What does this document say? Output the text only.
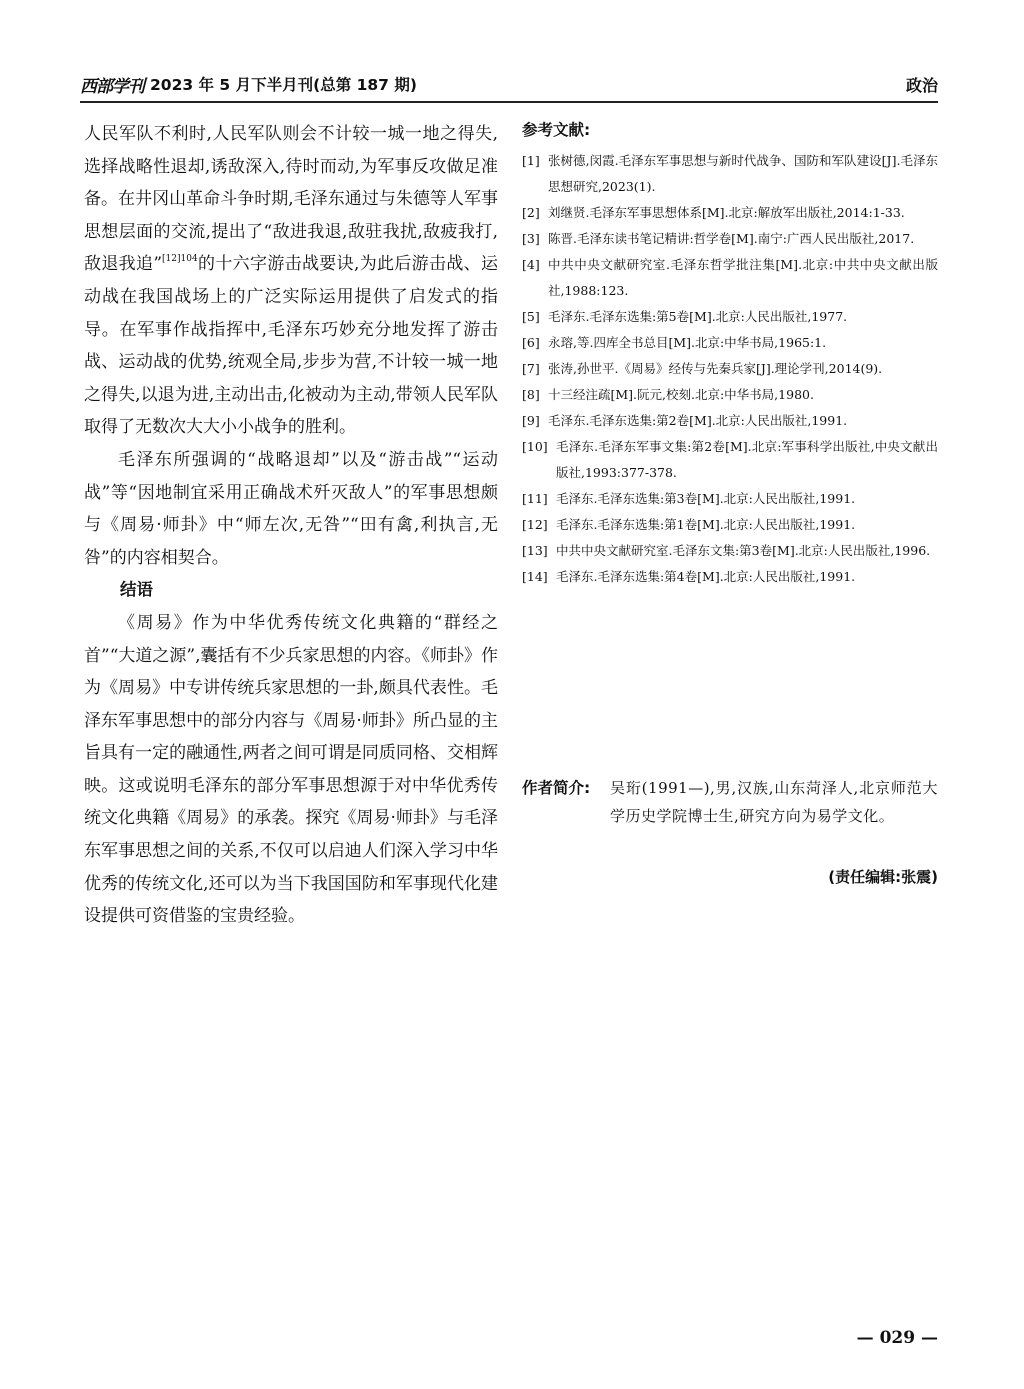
西部学刊 2023 年 5 月下半月刊(总第 187 期)	政治

人民军队不利时,人民军队则会不计较一城一地之得失,选择战略性退却,诱敌深入,待时而动,为军事反攻做足准备。在井冈山革命斗争时期,毛泽东通过与朱德等人军事思想层面的交流,提出了“敌进我退,敌驻我扰,敌疲我打,敌退我追”$^{[12]104}$的十六字游击战要诀,为此后游击战、运动战在我国战场上的广泛实际运用提供了启发式的指导。在军事作战指挥中,毛泽东巧妙充分地发挥了游击战、运动战的优势,统观全局,步步为营,不计较一城一地之得失,以退为进,主动出击,化被动为主动,带领人民军队取得了无数次大大小小战争的胜利。

毛泽东所强调的“战略退却”以及“游击战”“运动战”等“因地制宜采用正确战术歼灭敌人”的军事思想颇与《周易·师卦》中“师左次,无咎”“田有禽,利执言,无咎”的内容相契合。

结语

《周易》作为中华优秀传统文化典籍的“群经之首”“大道之源”,囊括有不少兵家思想的内容。《师卦》作为《周易》中专讲传统兵家思想的一卦,颇具代表性。毛泽东军事思想中的部分内容与《周易·师卦》所凸显的主旨具有一定的融通性,两者之间可谓是同质同格、交相辉映。这或说明毛泽东的部分军事思想源于对中华优秀传统文化典籍《周易》的承袭。探究《周易·师卦》与毛泽东军事思想之间的关系,不仅可以启迪人们深入学习中华优秀的传统文化,还可以为当下我国国防和军事现代化建设提供可资借鉴的宝贵经验。

参考文献:

[1] 张树德,闵霞.毛泽东军事思想与新时代战争、国防和军队建设[J].毛泽东思想研究,2023(1).

[2] 刘继贤.毛泽东军事思想体系[M].北京:解放军出版社,2014:1-33.

[3] 陈晋.毛泽东读书笔记精讲:哲学卷[M].南宁:广西人民出版社,2017.

[4] 中共中央文献研究室.毛泽东哲学批注集[M].北京:中共中央文献出版社,1988:123.

[5] 毛泽东.毛泽东选集:第5卷[M].北京:人民出版社,1977.

[6] 永瑢,等.四库全书总目[M].北京:中华书局,1965:1.

[7] 张涛,孙世平.《周易》经传与先秦兵家[J].理论学刊,2014(9).

[8] 十三经注疏[M].阮元,校刻.北京:中华书局,1980.

[9] 毛泽东.毛泽东选集:第2卷[M].北京:人民出版社,1991.

[10] 毛泽东.毛泽东军事文集:第2卷[M].北京:军事科学出版社,中央文献出版社,1993:377-378.

[11] 毛泽东.毛泽东选集:第3卷[M].北京:人民出版社,1991.

[12] 毛泽东.毛泽东选集:第1卷[M].北京:人民出版社,1991.

[13] 中共中央文献研究室.毛泽东文集:第3卷[M].北京:人民出版社,1996.

[14] 毛泽东.毛泽东选集:第4卷[M].北京:人民出版社,1991.

作者简介: 吴珩(1991—),男,汉族,山东菏泽人,北京师范大学历史学院博士生,研究方向为易学文化。
(责任编辑:张震)
— 029 —
